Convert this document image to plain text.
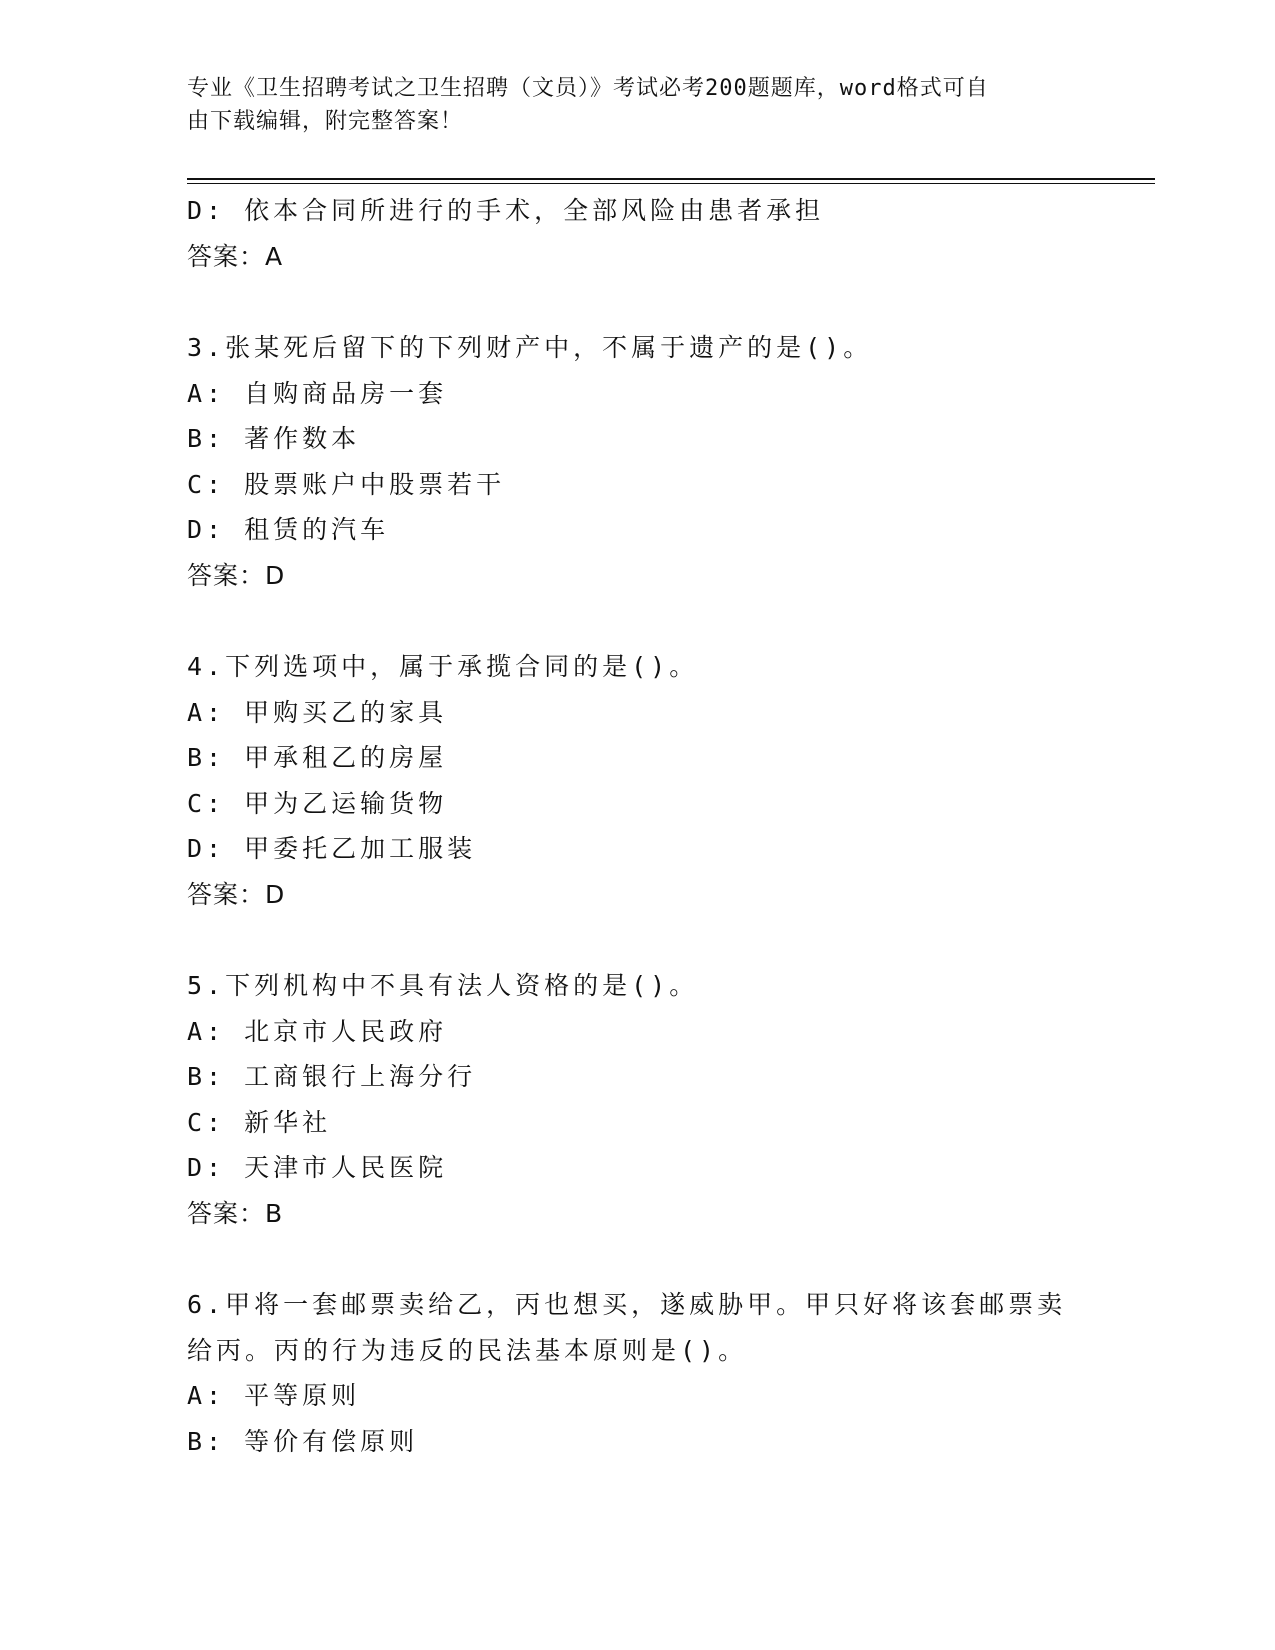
专业《卫生招聘考试之卫生招聘（文员）》考试必考200题题库，word格式可自
由下载编辑，附完整答案！
D: 依本合同所进行的手术，全部风险由患者承担
答案：A
3.张某死后留下的下列财产中，不属于遗产的是()。
A: 自购商品房一套
B: 著作数本
C: 股票账户中股票若干
D: 租赁的汽车
答案：D
4.下列选项中，属于承揽合同的是()。
A: 甲购买乙的家具
B: 甲承租乙的房屋
C: 甲为乙运输货物
D: 甲委托乙加工服装
答案：D
5.下列机构中不具有法人资格的是()。
A: 北京市人民政府
B: 工商银行上海分行
C: 新华社
D: 天津市人民医院
答案：B
6.甲将一套邮票卖给乙，丙也想买，遂威胁甲。甲只好将该套邮票卖
给丙。丙的行为违反的民法基本原则是()。
A: 平等原则
B: 等价有偿原则
